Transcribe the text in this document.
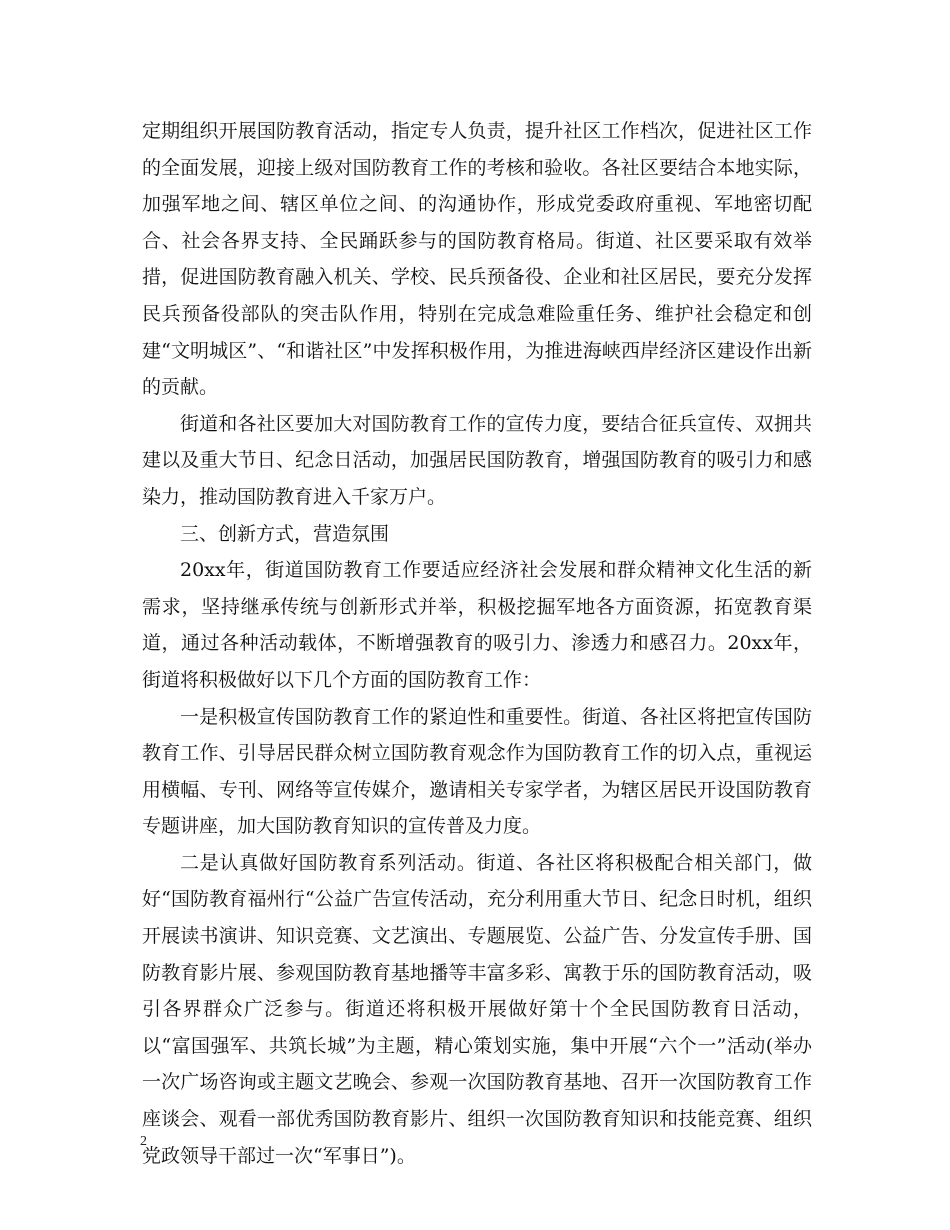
定期组织开展国防教育活动，指定专人负责，提升社区工作档次，促进社区工作的全面发展，迎接上级对国防教育工作的考核和验收。各社区要结合本地实际，加强军地之间、辖区单位之间、的沟通协作，形成党委政府重视、军地密切配合、社会各界支持、全民踊跃参与的国防教育格局。街道、社区要采取有效举措，促进国防教育融入机关、学校、民兵预备役、企业和社区居民，要充分发挥民兵预备役部队的突击队作用，特别在完成急难险重任务、维护社会稳定和创建“文明城区”、“和谐社区”中发挥积极作用，为推进海峡西岸经济区建设作出新的贡献。

街道和各社区要加大对国防教育工作的宣传力度，要结合征兵宣传、双拥共建以及重大节日、纪念日活动，加强居民国防教育，增强国防教育的吸引力和感染力，推动国防教育进入千家万户。

三、创新方式，营造氛围

20xx年，街道国防教育工作要适应经济社会发展和群众精神文化生活的新需求，坚持继承传统与创新形式并举，积极挖掘军地各方面资源，拓宽教育渠道，通过各种活动载体，不断增强教育的吸引力、渗透力和感召力。20xx年，街道将积极做好以下几个方面的国防教育工作：

一是积极宣传国防教育工作的紧迫性和重要性。街道、各社区将把宣传国防教育工作、引导居民群众树立国防教育观念作为国防教育工作的切入点，重视运用横幅、专刊、网络等宣传媒介，邀请相关专家学者，为辖区居民开设国防教育专题讲座，加大国防教育知识的宣传普及力度。

二是认真做好国防教育系列活动。街道、各社区将积极配合相关部门，做好“国防教育福州行“公益广告宣传活动，充分利用重大节日、纪念日时机，组织开展读书演讲、知识竞赛、文艺演出、专题展览、公益广告、分发宣传手册、国防教育影片展、参观国防教育基地播等丰富多彩、寓教于乐的国防教育活动，吸引各界群众广泛参与。街道还将积极开展做好第十个全民国防教育日活动，以“富国强军、共筑长城”为主题，精心策划实施，集中开展“六个一”活动(举办一次广场咨询或主题文艺晚会、参观一次国防教育基地、召开一次国防教育工作座谈会、观看一部优秀国防教育影片、组织一次国防教育知识和技能竞赛、组织党政领导干部过一次“军事日”)。

2
